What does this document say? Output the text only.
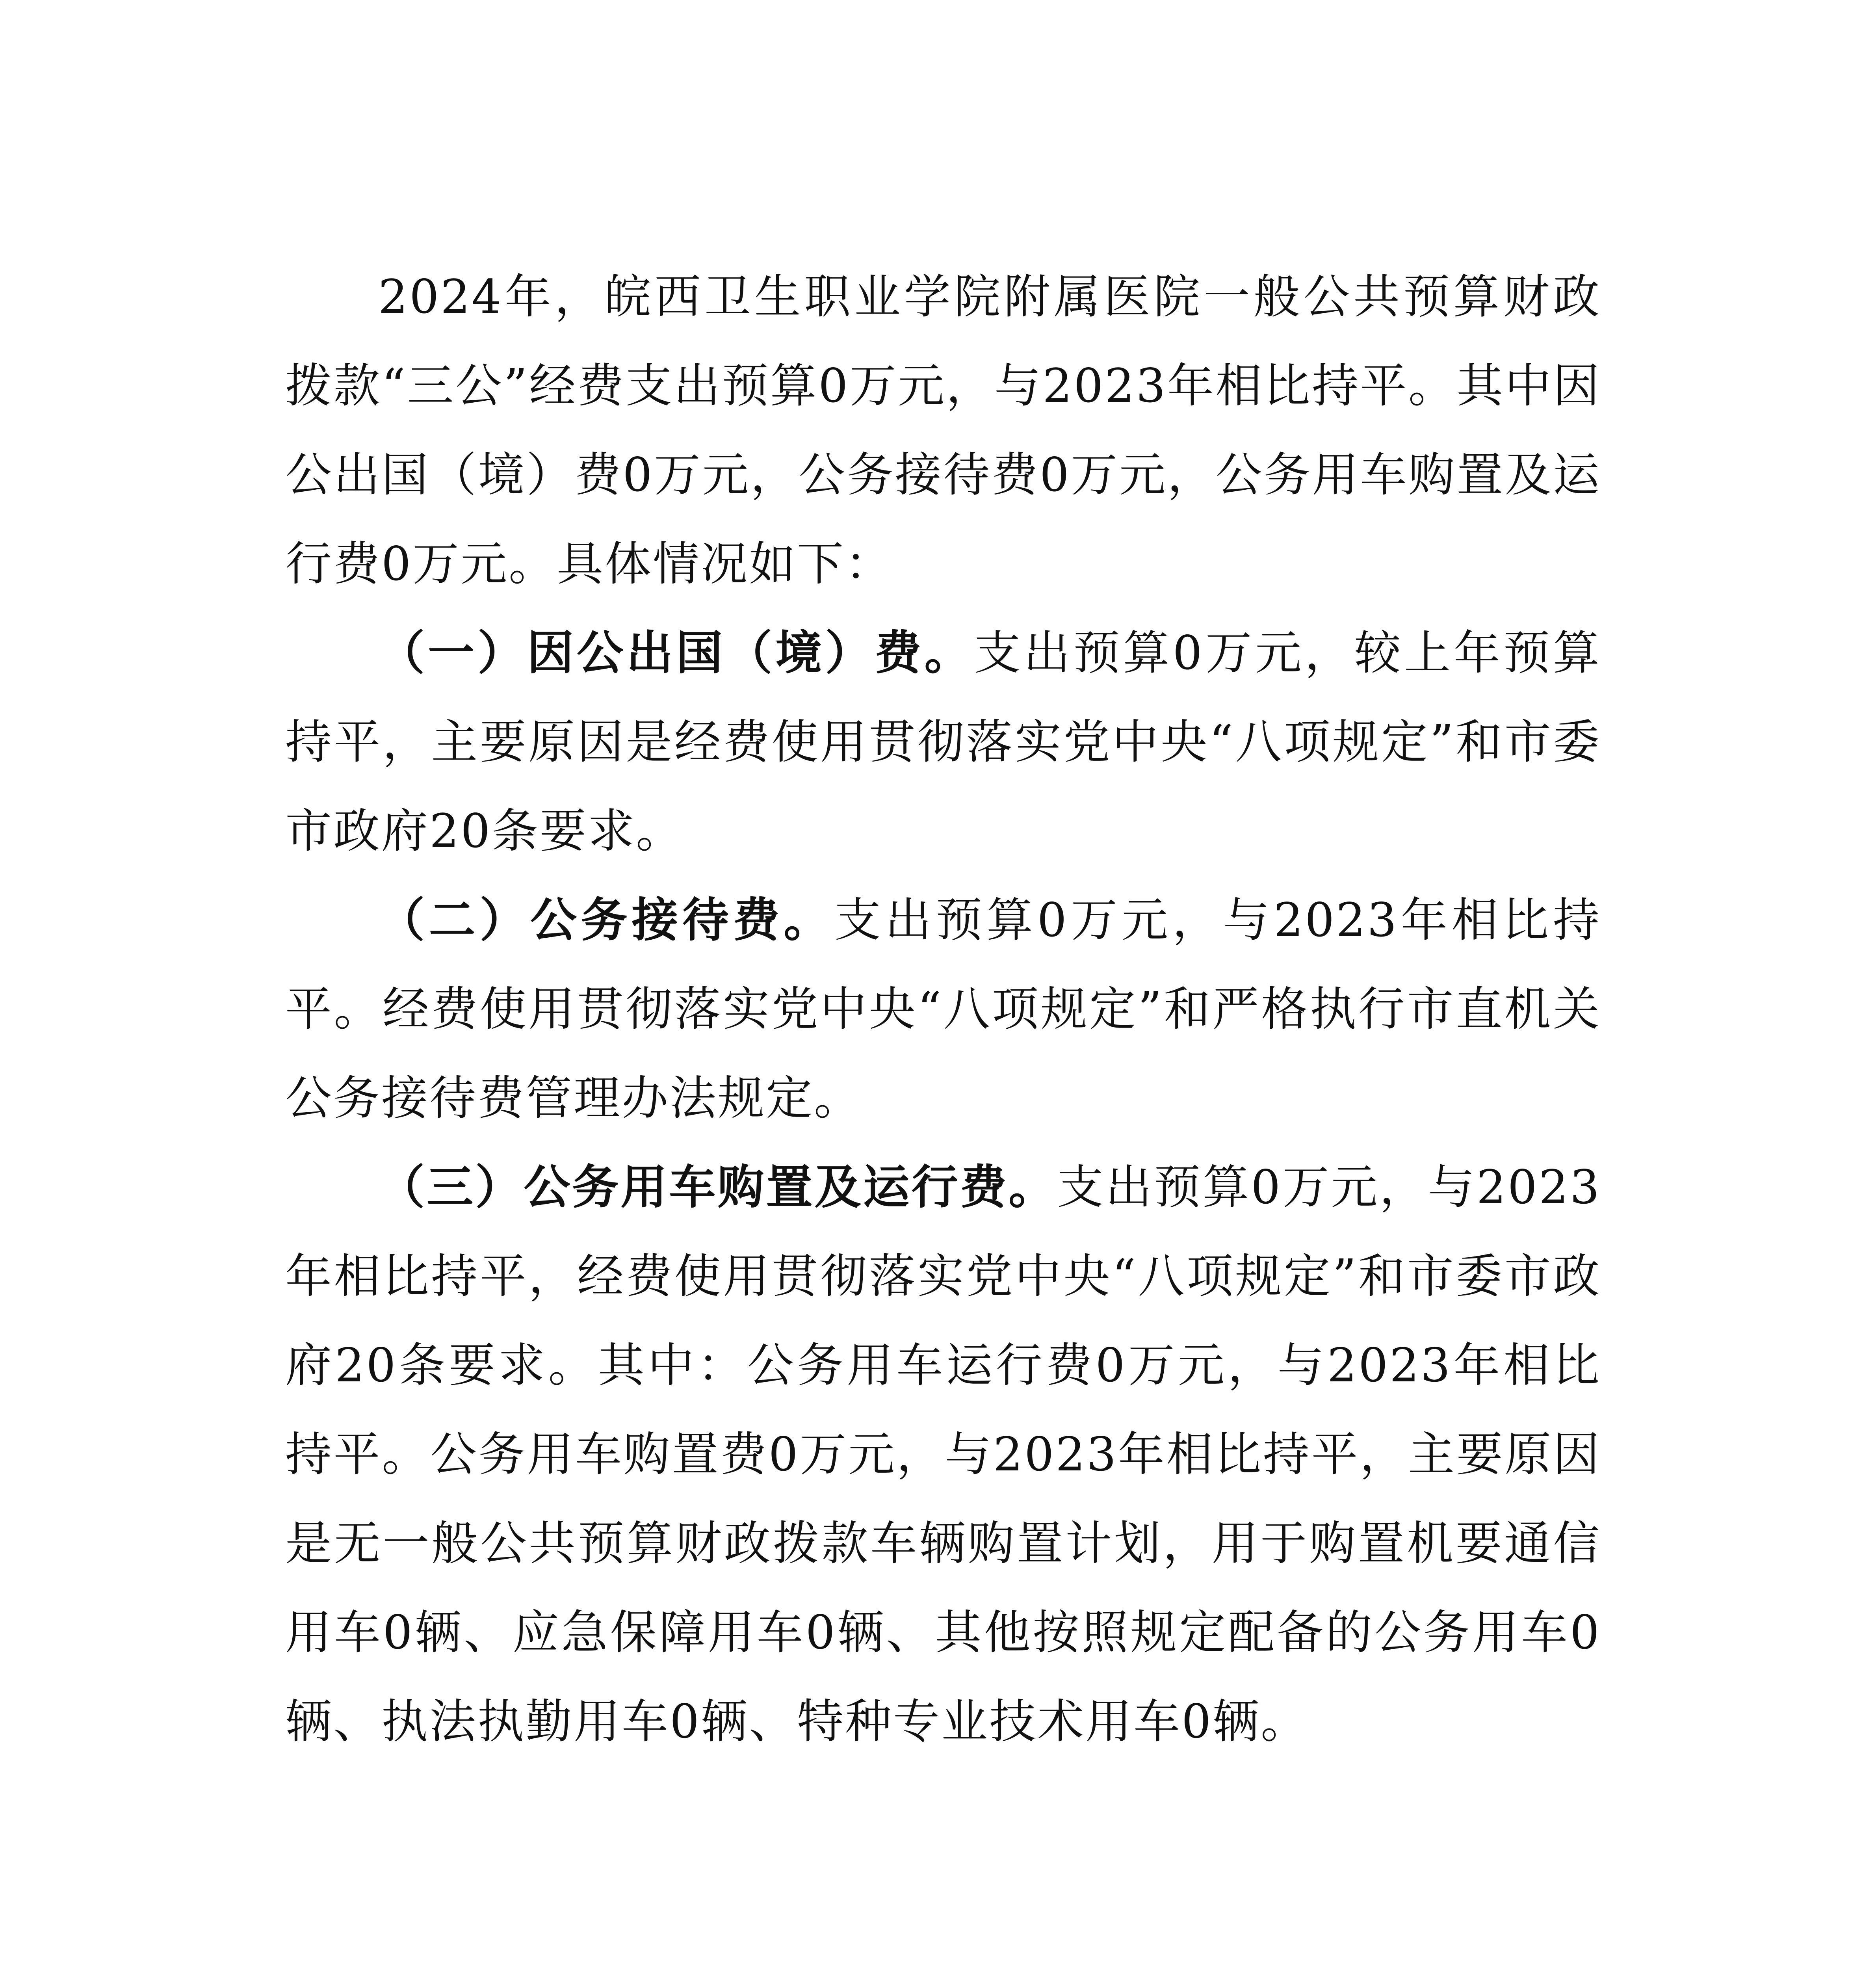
2024年，皖西卫生职业学院附属医院一般公共预算财政拨款“三公”经费支出预算0万元，与2023年相比持平。其中因公出国（境）费0万元，公务接待费0万元，公务用车购置及运行费0万元。具体情况如下：

（一）因公出国（境）费。支出预算0万元，较上年预算持平，主要原因是经费使用贯彻落实党中央“八项规定”和市委市政府20条要求。

（二）公务接待费。支出预算0万元，与2023年相比持平。经费使用贯彻落实党中央“八项规定”和严格执行市直机关公务接待费管理办法规定。

（三）公务用车购置及运行费。支出预算0万元，与2023年相比持平，经费使用贯彻落实党中央“八项规定”和市委市政府20条要求。其中：公务用车运行费0万元，与2023年相比持平。公务用车购置费0万元，与2023年相比持平，主要原因是无一般公共预算财政拨款车辆购置计划，用于购置机要通信用车0辆、应急保障用车0辆、其他按照规定配备的公务用车0辆、执法执勤用车0辆、特种专业技术用车0辆。
